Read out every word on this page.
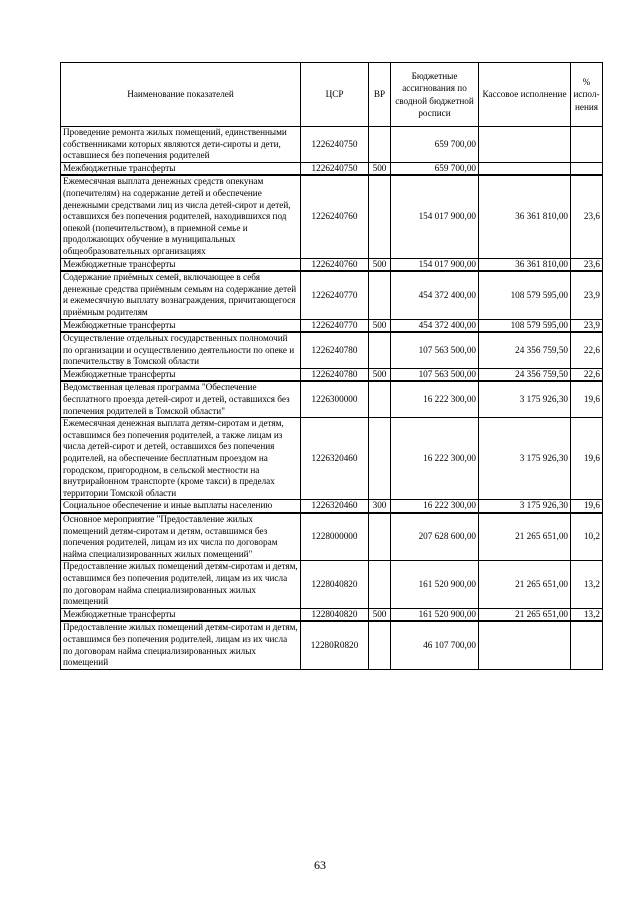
Наименование показателей	ЦСР	ВР	Бюджетные ассигнования по сводной бюджетной росписи	Кассовое исполнение	% испол-нения
Проведение ремонта жилых помещений, единственными собственниками которых являются дети-сироты и дети, оставшиеся без попечения родителей	1226240750		659 700,00		
Межбюджетные трансферты	1226240750	500	659 700,00		
Ежемесячная выплата денежных средств опекунам (попечителям) на содержание детей и обеспечение денежными средствами лиц из числа детей-сирот и детей, оставшихся без попечения родителей, находившихся под опекой (попечительством), в приемной семье и продолжающих обучение в муниципальных общеобразовательных организациях	1226240760		154 017 900,00	36 361 810,00	23,6
Межбюджетные трансферты	1226240760	500	154 017 900,00	36 361 810,00	23,6
Содержание приёмных семей, включающее в себя денежные средства приёмным семьям на содержание детей и ежемесячную выплату вознаграждения, причитающегося приёмным родителям	1226240770		454 372 400,00	108 579 595,00	23,9
Межбюджетные трансферты	1226240770	500	454 372 400,00	108 579 595,00	23,9
Осуществление отдельных государственных полномочий по организации и осуществлению деятельности по опеке и попечительству в Томской области	1226240780		107 563 500,00	24 356 759,50	22,6
Межбюджетные трансферты	1226240780	500	107 563 500,00	24 356 759,50	22,6
Ведомственная целевая программа "Обеспечение бесплатного проезда детей-сирот и детей, оставшихся без попечения родителей в Томской области"	1226300000		16 222 300,00	3 175 926,30	19,6
Ежемесячная денежная выплата детям-сиротам и детям, оставшимся без попечения родителей, а также лицам из числа детей-сирот и детей, оставшихся без попечения родителей, на обеспечение бесплатным проездом на городском, пригородном, в сельской местности на внутрирайонном транспорте (кроме такси) в пределах территории Томской области	1226320460		16 222 300,00	3 175 926,30	19,6
Социальное обеспечение и иные выплаты населению	1226320460	300	16 222 300,00	3 175 926,30	19,6
Основное мероприятие "Предоставление жилых помещений детям-сиротам и детям, оставшимся без попечения родителей, лицам из их числа по договорам найма специализированных жилых помещений"	1228000000		207 628 600,00	21 265 651,00	10,2
Предоставление жилых помещений детям-сиротам и детям, оставшимся без попечения родителей, лицам из их числа по договорам найма специализированных жилых помещений	1228040820		161 520 900,00	21 265 651,00	13,2
Межбюджетные трансферты	1228040820	500	161 520 900,00	21 265 651,00	13,2
Предоставление жилых помещений детям-сиротам и детям, оставшимся без попечения родителей, лицам из их числа по договорам найма специализированных жилых помещений	12280R0820		46 107 700,00		
63
